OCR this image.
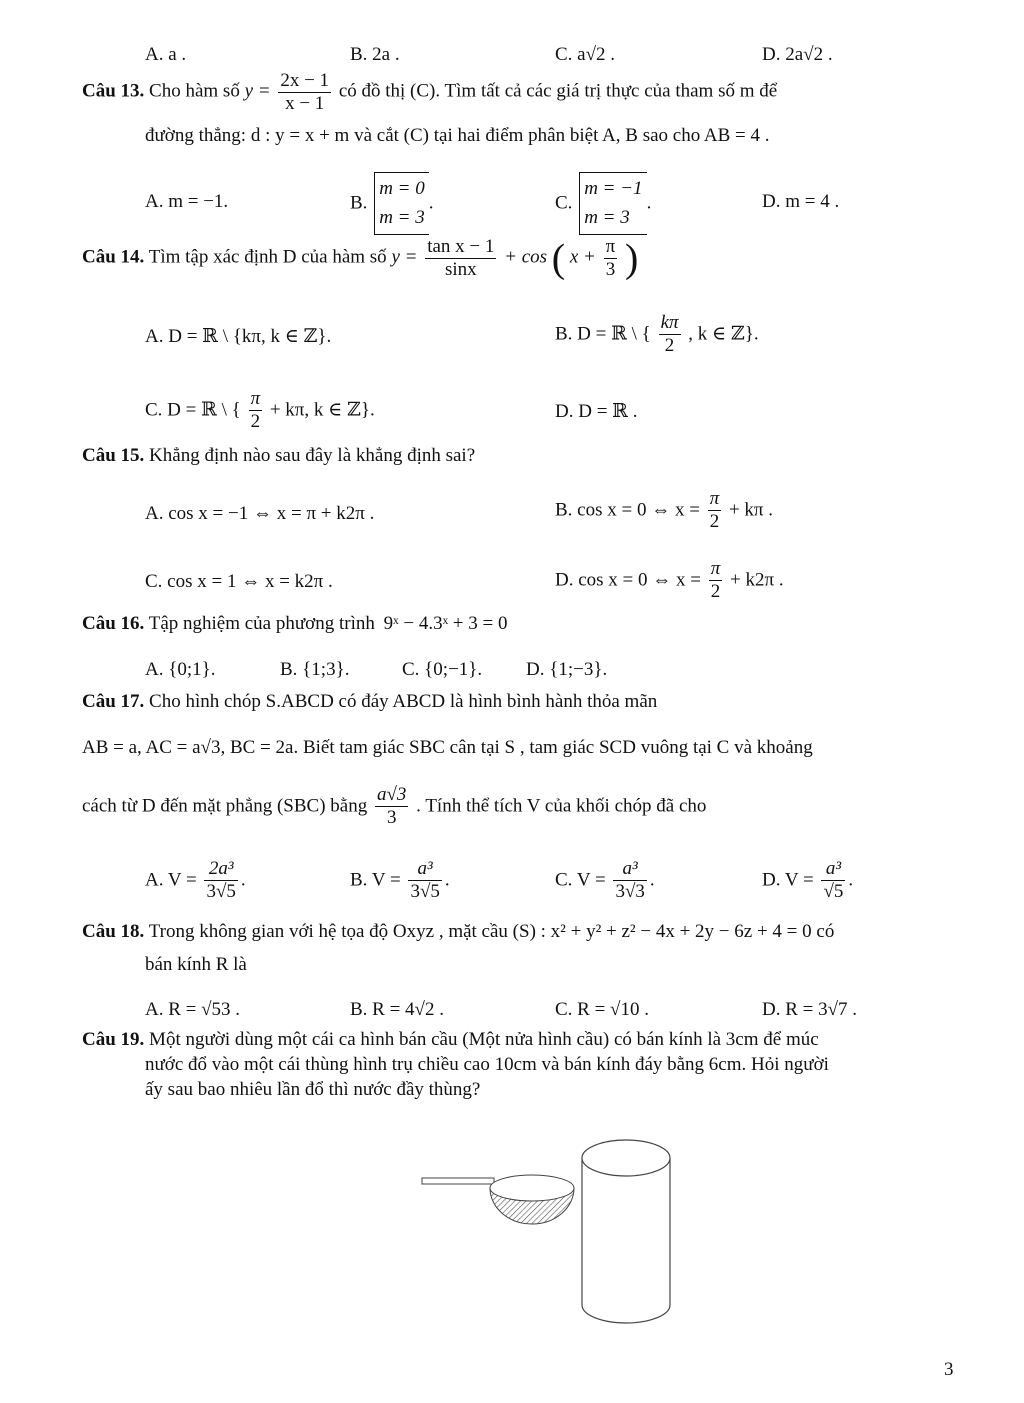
A. a .	B. 2a .	C. a√2 .	D. 2a√2 .
Câu 13. Cho hàm số $y = \frac{2x - 1}{x - 1}$ có đồ thị (C). Tìm tất cả các giá trị thực của tham số m để
đường thẳng: d : y = x + m và cắt (C) tại hai điểm phân biệt A, B sao cho AB = 4 .
A. m = −1.	B.
m = 0
m = 3
.	C.
m = −1
m = 3
.	D. m = 4 .
Câu 14. Tìm tập xác định D của hàm số $y = \frac{\text{tan x − 1}}{\sin x} + \cos$ ( $x + \frac{\pi}{3}$ )
A. D = ℝ \ {kπ, k ∈ ℤ}.	B. D = ℝ \ { $\frac{k\pi}{2}$ , k ∈ ℤ}.
C. D = ℝ \ { $\frac{\pi}{2} + k\pi$, k ∈ ℤ}.	D. D = ℝ .
Câu 15. Khẳng định nào sau đây là khẳng định sai?
A. cos x = −1 ⇔ x = π + k2π .	B. cos x = 0 ⇔ $x = \frac{\pi}{2} + k\pi$ .
C. cos x = 1 ⇔ x = k2π .	D. cos x = 0 ⇔ $x = \frac{\pi}{2} + k2\pi$ .
Câu 16. Tập nghiệm của phương trình 9ˣ − 4.3ˣ + 3 = 0
A. {0;1}.	B. {1;3}.	C. {0;−1}. D. {1;−3}.
Câu 17. Cho hình chóp S.ABCD có đáy ABCD là hình bình hành thỏa mãn
AB = a, AC = a√3, BC = 2a. Biết tam giác SBC cân tại S , tam giác SCD vuông tại C và khoảng
cách từ D đến mặt phẳng (SBC) bằng $\frac{a√3}{3}$ . Tính thể tích V của khối chóp đã cho
A. $V = \frac{\text{2a³}}{3√5}$ .	B. $V = \frac{\text{a³}}{3√5}$ .	C. $V = \frac{\text{a³}}{3√3}$ .	D. $V = \frac{\text{a³}}{√5}$ .
Câu 18. Trong không gian với hệ tọa độ Oxyz , mặt cầu (S) : x² + y² + z² − 4x + 2y − 6z + 4 = 0 có
bán kính R là
A. R = √53 .	B. R = 4√2 .	C. R = √10 .	D. R = 3√7 .
Câu 19. Một người dùng một cái ca hình bán cầu (Một nửa hình cầu) có bán kính là 3cm để múc
nước đổ vào một cái thùng hình trụ chiều cao 10cm và bán kính đáy bằng 6cm. Hỏi người
ấy sau bao nhiêu lần đổ thì nước đầy thùng?
3
